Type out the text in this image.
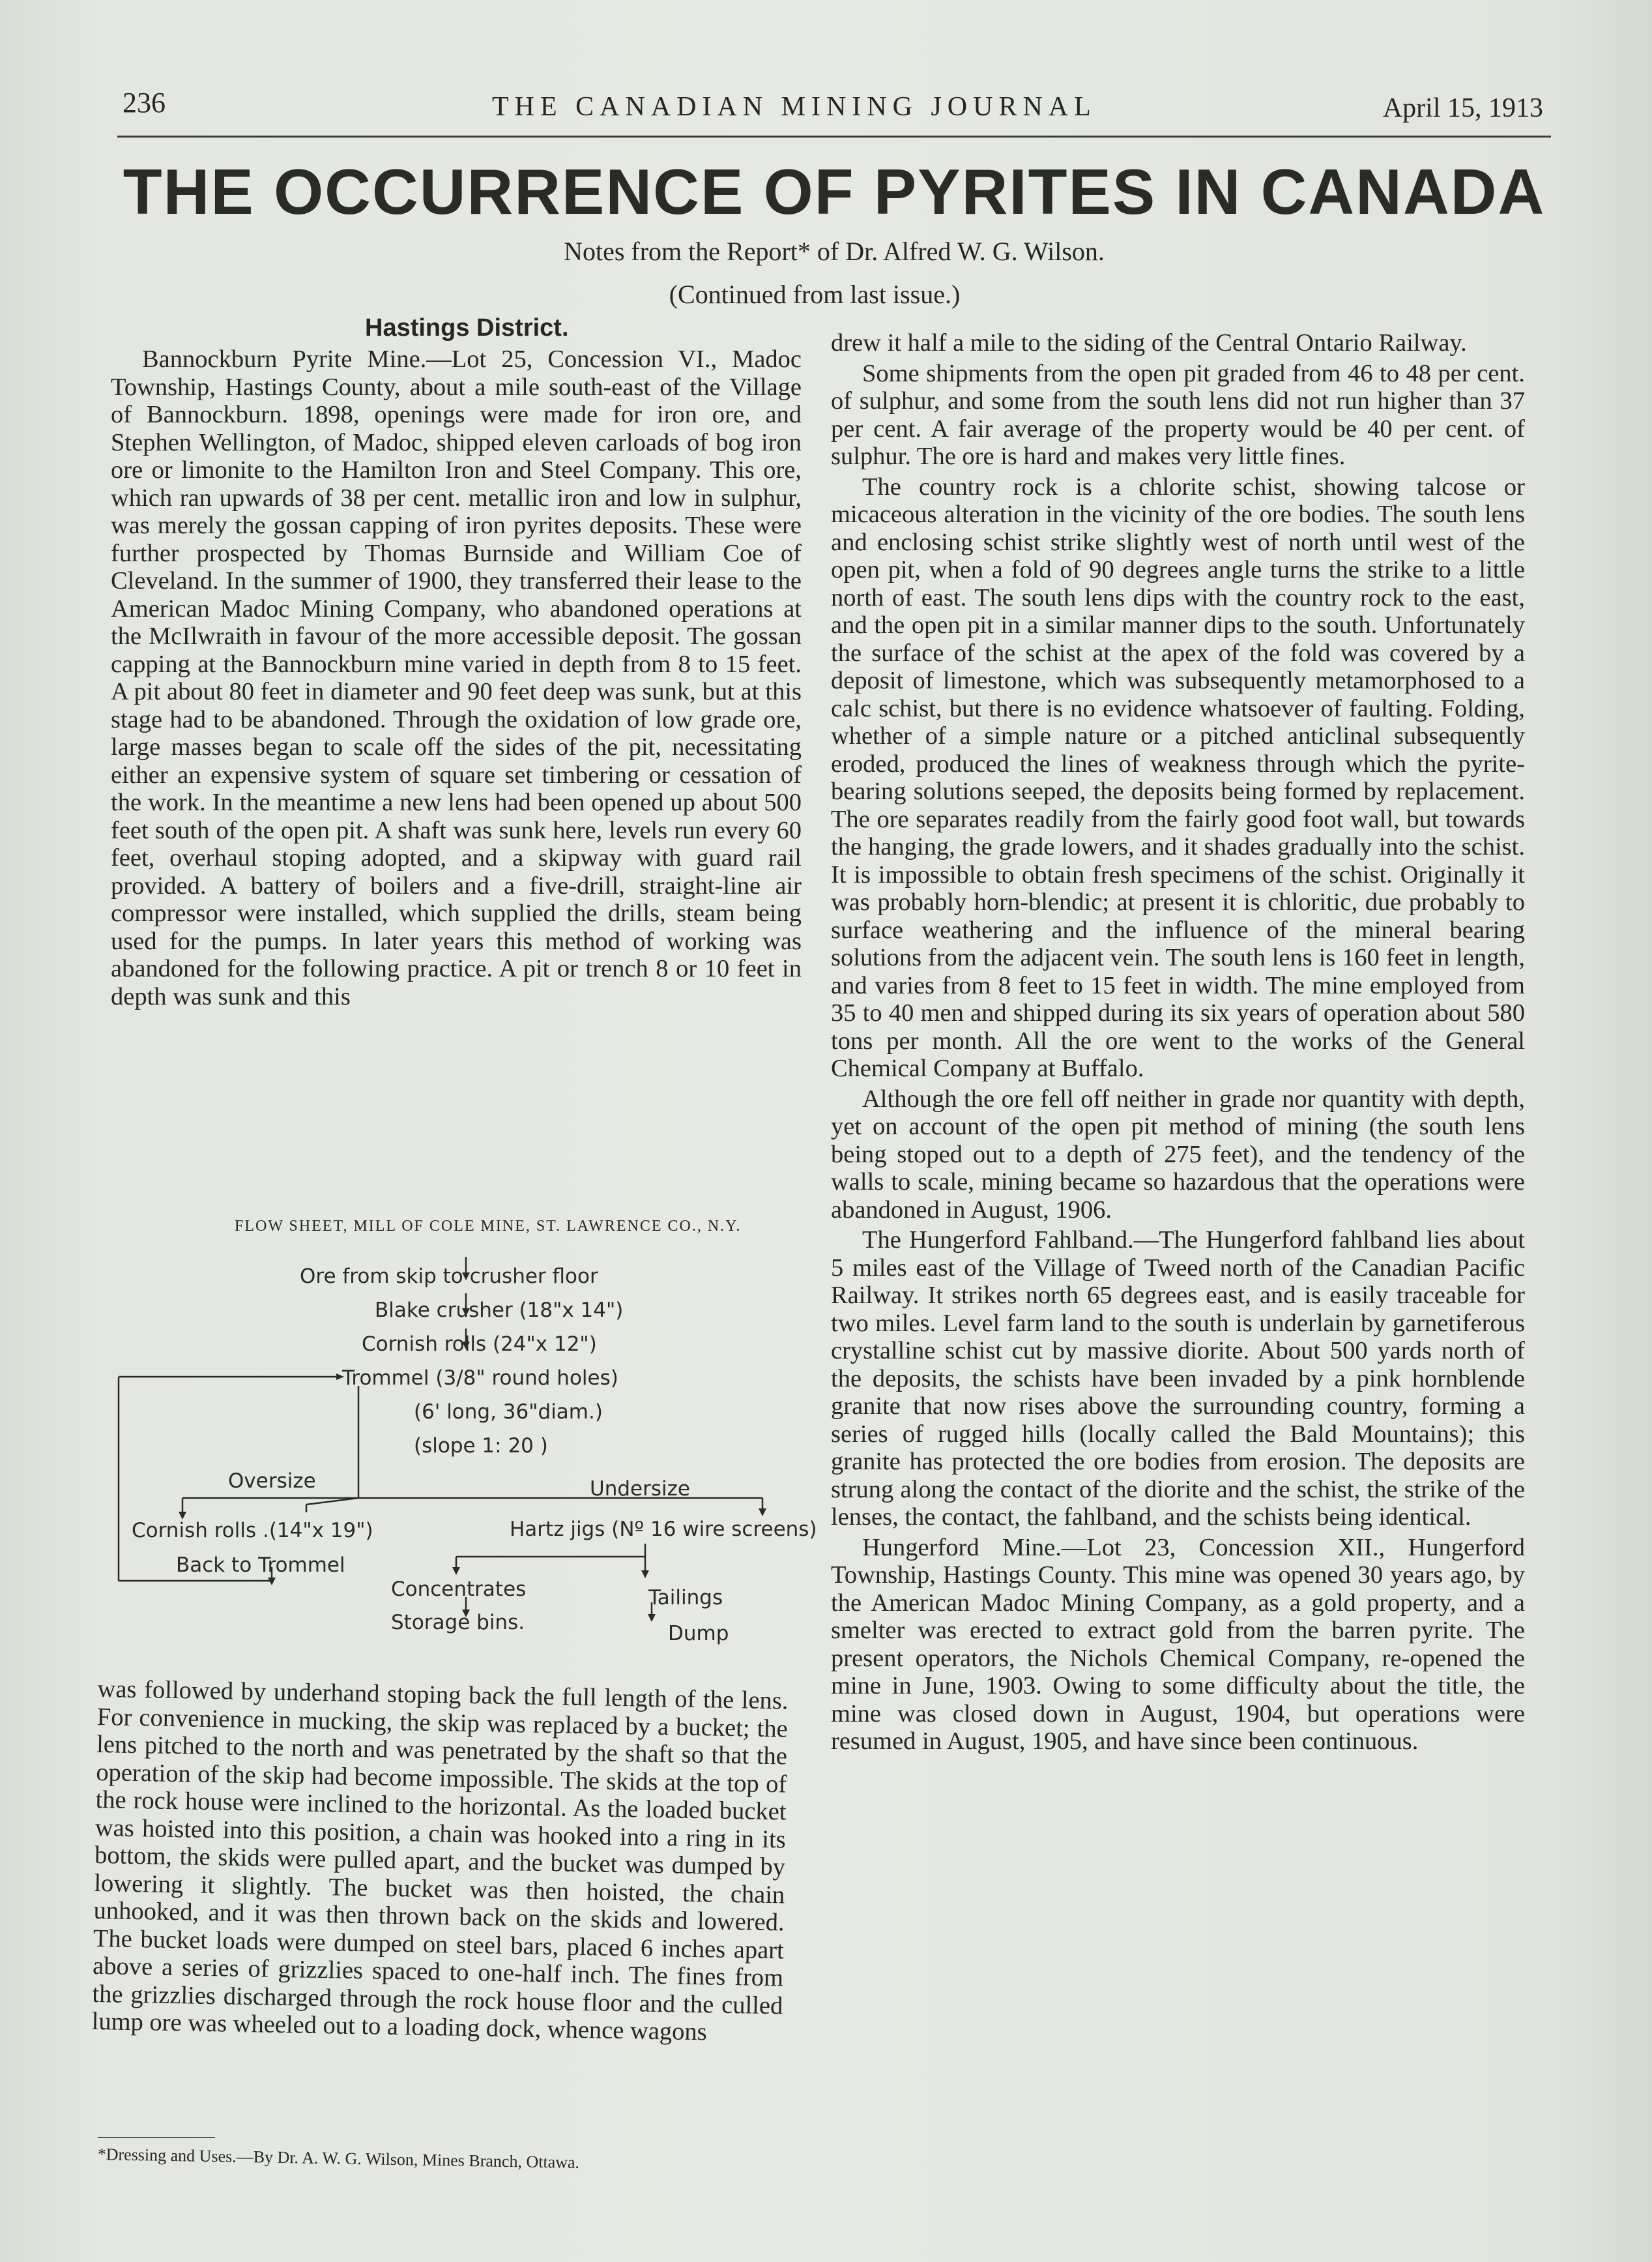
236	THE CANADIAN MINING JOURNAL	April 15, 1913
THE OCCURRENCE OF PYRITES IN CANADA
Notes from the Report* of Dr. Alfred W. G. Wilson.
(Continued from last issue.)
Hastings District.

Bannockburn Pyrite Mine.—Lot 25, Concession VI., Madoc Township, Hastings County, about a mile south-east of the Village of Bannockburn. 1898, openings were made for iron ore, and Stephen Wellington, of Madoc, shipped eleven carloads of bog iron ore or limonite to the Hamilton Iron and Steel Company. This ore, which ran upwards of 38 per cent. metallic iron and low in sulphur, was merely the gossan capping of iron pyrites deposits. These were further prospected by Thomas Burnside and William Coe of Cleveland. In the summer of 1900, they transferred their lease to the American Madoc Mining Company, who abandoned operations at the McIlwraith in favour of the more accessible deposit. The gossan capping at the Bannockburn mine varied in depth from 8 to 15 feet. A pit about 80 feet in diameter and 90 feet deep was sunk, but at this stage had to be abandoned. Through the oxidation of low grade ore, large masses began to scale off the sides of the pit, necessitating either an expensive system of square set timbering or cessation of the work. In the meantime a new lens had been opened up about 500 feet south of the open pit. A shaft was sunk here, levels run every 60 feet, overhaul stoping adopted, and a skipway with guard rail provided. A battery of boilers and a five-drill, straight-line air compressor were installed, which supplied the drills, steam being used for the pumps. In later years this method of working was abandoned for the following practice. A pit or trench 8 or 10 feet in depth was sunk and this

FLOW SHEET, MILL OF COLE MINE, ST. LAWRENCE CO., N.Y.
Ore from skip to crusher floor
Blake crusher (18"x 14")
Cornish rolls (24"x 12")
Trommel (3/8" round holes)
(6' long, 36"diam.)
(slope 1: 20 )
Oversize	Undersize
Cornish rolls .(14"x 19")	Hartz jigs (Nº 16 wire screens)
Back to Trommel
Concentrates
Storage bins.
Tailings
Dump

was followed by underhand stoping back the full length of the lens. For convenience in mucking, the skip was replaced by a bucket; the lens pitched to the north and was penetrated by the shaft so that the operation of the skip had become impossible. The skids at the top of the rock house were inclined to the horizontal. As the loaded bucket was hoisted into this position, a chain was hooked into a ring in its bottom, the skids were pulled apart, and the bucket was dumped by lowering it slightly. The bucket was then hoisted, the chain unhooked, and it was then thrown back on the skids and lowered. The bucket loads were dumped on steel bars, placed 6 inches apart above a series of grizzlies spaced to one-half inch. The fines from the grizzlies discharged through the rock house floor and the culled lump ore was wheeled out to a loading dock, whence wagons

*Dressing and Uses.—By Dr. A. W. G. Wilson, Mines Branch, Ottawa.

drew it half a mile to the siding of the Central Ontario Railway.

Some shipments from the open pit graded from 46 to 48 per cent. of sulphur, and some from the south lens did not run higher than 37 per cent. A fair average of the property would be 40 per cent. of sulphur. The ore is hard and makes very little fines.

The country rock is a chlorite schist, showing talcose or micaceous alteration in the vicinity of the ore bodies. The south lens and enclosing schist strike slightly west of north until west of the open pit, when a fold of 90 degrees angle turns the strike to a little north of east. The south lens dips with the country rock to the east, and the open pit in a similar manner dips to the south. Unfortunately the surface of the schist at the apex of the fold was covered by a deposit of limestone, which was subsequently metamorphosed to a calc schist, but there is no evidence whatsoever of faulting. Folding, whether of a simple nature or a pitched anticlinal subsequently eroded, produced the lines of weakness through which the pyrite-bearing solutions seeped, the deposits being formed by replacement. The ore separates readily from the fairly good foot wall, but towards the hanging, the grade lowers, and it shades gradually into the schist. It is impossible to obtain fresh specimens of the schist. Originally it was probably horn-blendic; at present it is chloritic, due probably to surface weathering and the influence of the mineral bearing solutions from the adjacent vein. The south lens is 160 feet in length, and varies from 8 feet to 15 feet in width. The mine employed from 35 to 40 men and shipped during its six years of operation about 580 tons per month. All the ore went to the works of the General Chemical Company at Buffalo.

Although the ore fell off neither in grade nor quantity with depth, yet on account of the open pit method of mining (the south lens being stoped out to a depth of 275 feet), and the tendency of the walls to scale, mining became so hazardous that the operations were abandoned in August, 1906.

The Hungerford Fahlband.—The Hungerford fahlband lies about 5 miles east of the Village of Tweed north of the Canadian Pacific Railway. It strikes north 65 degrees east, and is easily traceable for two miles. Level farm land to the south is underlain by garnetiferous crystalline schist cut by massive diorite. About 500 yards north of the deposits, the schists have been invaded by a pink hornblende granite that now rises above the surrounding country, forming a series of rugged hills (locally called the Bald Mountains); this granite has protected the ore bodies from erosion. The deposits are strung along the contact of the diorite and the schist, the strike of the lenses, the contact, the fahlband, and the schists being identical.

Hungerford Mine.—Lot 23, Concession XII., Hungerford Township, Hastings County. This mine was opened 30 years ago, by the American Madoc Mining Company, as a gold property, and a smelter was erected to extract gold from the barren pyrite. The present operators, the Nichols Chemical Company, re-opened the mine in June, 1903. Owing to some difficulty about the title, the mine was closed down in August, 1904, but operations were resumed in August, 1905, and have since been continuous.
